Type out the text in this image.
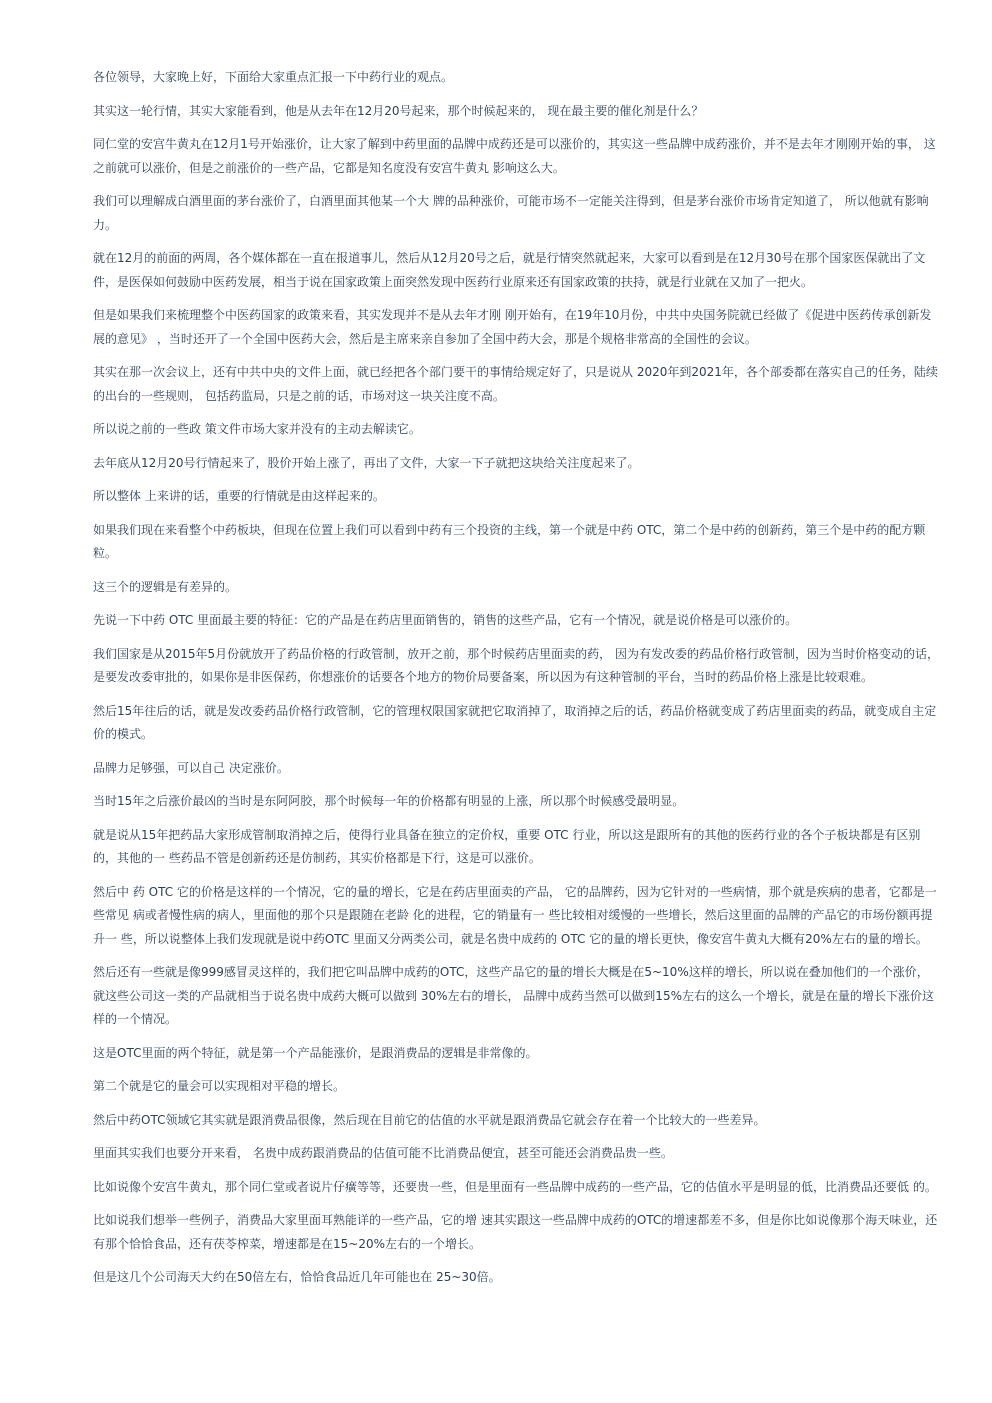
各位领导，大家晚上好，下面给大家重点汇报一下中药行业的观点。

其实这一轮行情，其实大家能看到，他是从去年在12月20号起来，那个时候起来的， 现在最主要的催化剂是什么？

同仁堂的安宫牛黄丸在12月1号开始涨价，让大家了解到中药里面的品牌中成药还是可以涨价的，其实这一些品牌中成药涨价，并不是去年才刚刚开始的事， 这之前就可以涨价，但是之前涨价的一些产品，它都是知名度没有安宫牛黄丸 影响这么大。

我们可以理解成白酒里面的茅台涨价了，白酒里面其他某一个大 牌的品种涨价，可能市场不一定能关注得到，但是茅台涨价市场肯定知道了， 所以他就有影响力。

就在12月的前面的两周，各个媒体都在一直在报道事儿，然后从12月20号之后，就是行情突然就起来，大家可以看到是在12月30号在那个国家医保就出了文件，是医保如何鼓励中医药发展，相当于说在国家政策上面突然发现中医药行业原来还有国家政策的扶持，就是行业就在又加了一把火。

但是如果我们来梳理整个中医药国家的政策来看，其实发现并不是从去年才刚 刚开始有，在19年10月份，中共中央国务院就已经做了《促进中医药传承创新发展的意见》 ，当时还开了一个全国中医药大会，然后是主席来亲自参加了全国中药大会，那是个规格非常高的全国性的会议。

其实在那一次会议上，还有中共中央的文件上面，就已经把各个部门要干的事情给规定好了，只是说从 2020年到2021年，各个部委都在落实自己的任务，陆续的出台的一些规则， 包括药监局，只是之前的话，市场对这一块关注度不高。

所以说之前的一些政 策文件市场大家并没有的主动去解读它。

去年底从12月20号行情起来了，股价开始上涨了，再出了文件，大家一下子就把这块给关注度起来了。

所以整体 上来讲的话，重要的行情就是由这样起来的。

如果我们现在来看整个中药板块，但现在位置上我们可以看到中药有三个投资的主线，第一个就是中药 OTC，第二个是中药的创新药，第三个是中药的配方颗粒。

这三个的逻辑是有差异的。

先说一下中药 OTC 里面最主要的特征：它的产品是在药店里面销售的，销售的这些产品，它有一个情况，就是说价格是可以涨价的。

我们国家是从2015年5月份就放开了药品价格的行政管制，放开之前，那个时候药店里面卖的药， 因为有发改委的药品价格行政管制，因为当时价格变动的话，是要发改委审批的，如果你是非医保药，你想涨价的话要各个地方的物价局要备案，所以因为有这种管制的平台，当时的药品价格上涨是比较艰难。

然后15年往后的话，就是发改委药品价格行政管制，它的管理权限国家就把它取消掉了，取消掉之后的话，药品价格就变成了药店里面卖的药品，就变成自主定价的模式。

品牌力足够强，可以自己 决定涨价。

当时15年之后涨价最凶的当时是东阿阿胶，那个时候每一年的价格都有明显的上涨，所以那个时候感受最明显。

就是说从15年把药品大家形成管制取消掉之后，使得行业具备在独立的定价权，重要 OTC 行业，所以这是跟所有的其他的医药行业的各个子板块都是有区别的，其他的一 些药品不管是创新药还是仿制药，其实价格都是下行，这是可以涨价。

然后中 药 OTC 它的价格是这样的一个情况，它的量的增长，它是在药店里面卖的产品， 它的品牌药，因为它针对的一些病情，那个就是疾病的患者，它都是一些常见 病或者慢性病的病人，里面他的那个只是跟随在老龄 化的进程，它的销量有一 些比较相对缓慢的一些增长，然后这里面的品牌的产品它的市场份额再提升一 些，所以说整体上我们发现就是说中药OTC 里面又分两类公司，就是名贵中成药的 OTC 它的量的增长更快，像安宫牛黄丸大概有20%左右的量的增长。

然后还有一些就是像999感冒灵这样的，我们把它叫品牌中成药的OTC，这些产品它的量的增长大概是在5~10%这样的增长，所以说在叠加他们的一个涨价， 就这些公司这一类的产品就相当于说名贵中成药大概可以做到 30%左右的增长， 品牌中成药当然可以做到15%左右的这么一个增长，就是在量的增长下涨价这样的一个情况。

这是OTC里面的两个特征，就是第一个产品能涨价，是跟消费品的逻辑是非常像的。

第二个就是它的量会可以实现相对平稳的增长。

然后中药OTC领域它其实就是跟消费品很像，然后现在目前它的估值的水平就是跟消费品它就会存在着一个比较大的一些差异。

里面其实我们也要分开来看， 名贵中成药跟消费品的估值可能不比消费品便宜，甚至可能还会消费品贵一些。

比如说像个安宫牛黄丸，那个同仁堂或者说片仔癀等等，还要贵一些，但是里面有一些品牌中成药的一些产品，它的估值水平是明显的低，比消费品还要低 的。

比如说我们想举一些例子，消费品大家里面耳熟能详的一些产品，它的增 速其实跟这一些品牌中成药的OTC的增速都差不多，但是你比如说像那个海天味业，还有那个恰恰食品，还有茯苓榨菜，增速都是在15~20%左右的一个增长。

但是这几个公司海天大约在50倍左右，恰恰食品近几年可能也在 25~30倍。
